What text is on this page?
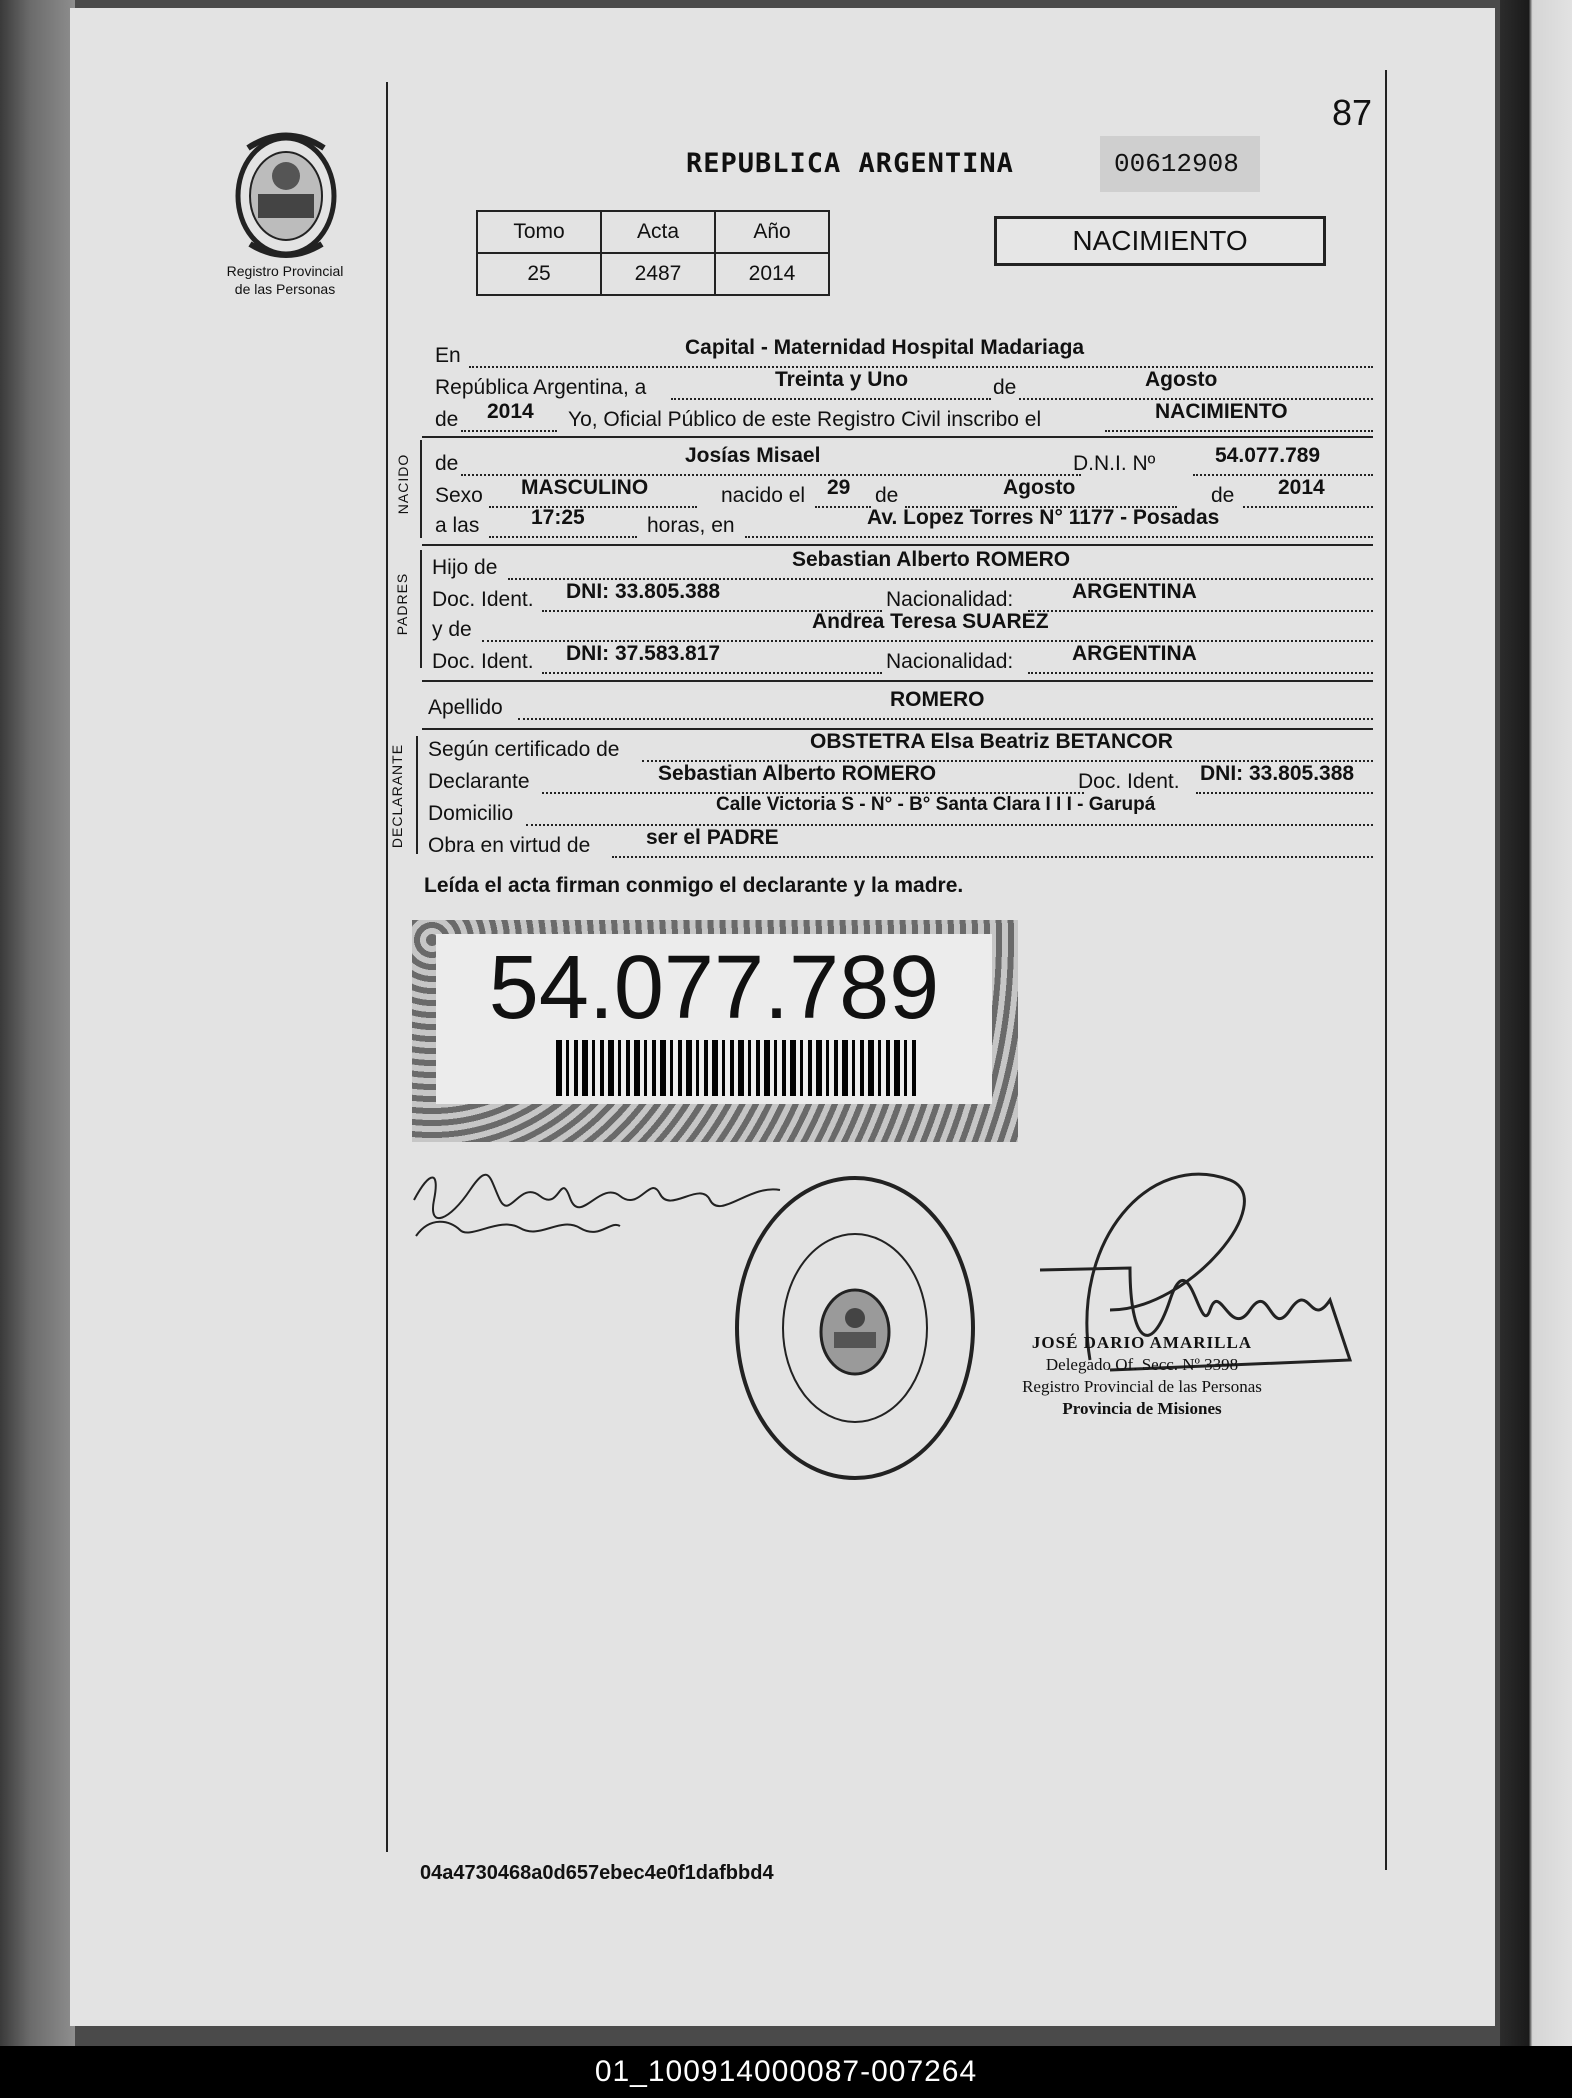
87
Registro Provincial
de las Personas
REPUBLICA ARGENTINA	00612908
Tomo	Acta	Año
25	2487	2014
NACIMIENTO
En	Capital - Maternidad Hospital Madariaga
República Argentina, a	Treinta y Uno	de	Agosto
de 2014 Yo, Oficial Público de este Registro Civil inscribo el	NACIMIENTO
NACIDO de	Josías Misael	D.N.I. Nº	54.077.789
Sexo MASCULINO	nacido el 29 de	Agosto	de 2014
a las 17:25	horas, en	Av. Lopez Torres N° 1177 - Posadas
PADRES
Hijo de	Sebastian Alberto ROMERO
Doc. Ident. DNI: 33.805.388	Nacionalidad:	ARGENTINA
y de	Andrea Teresa SUAREZ
Doc. Ident. DNI: 37.583.817	Nacionalidad:	ARGENTINA
Apellido	ROMERO
DECLARANTE Según certificado de	OBSTETRA Elsa Beatriz BETANCOR
Declarante	Sebastian Alberto ROMERO	Doc. Ident. DNI: 33.805.388
Domicilio	Calle Victoria S - N° - B° Santa Clara I I I - Garupá
Obra en virtud de	ser el PADRE
Leída el acta firman conmigo el declarante y la madre.
54.077.789
JOSÉ DARIO AMARILLA
Delegado Of. Secc. Nº 3398
Registro Provincial de las Personas
Provincia de Misiones
04a4730468a0d657ebec4e0f1dafbbd4
01_100914000087-007264
